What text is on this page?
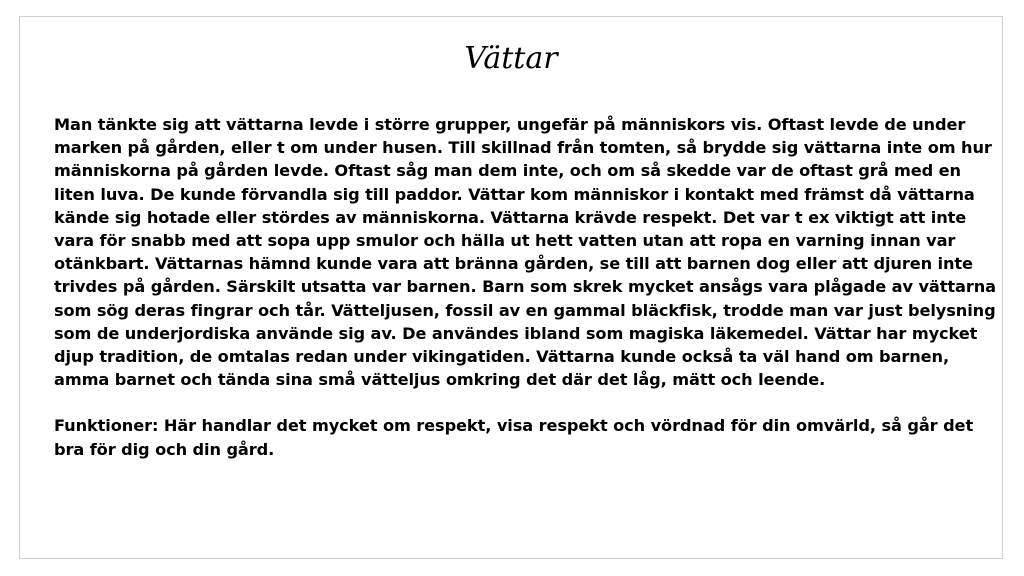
Vättar

Man tänkte sig att vättarna levde i större grupper, ungefär på människors vis. Oftast levde de under marken på gården, eller t om under husen. Till skillnad från tomten, så brydde sig vättarna inte om hur människorna på gården levde. Oftast såg man dem inte, och om så skedde var de oftast grå med en liten luva. De kunde förvandla sig till paddor. Vättar kom människor i kontakt med främst då vättarna kände sig hotade eller stördes av människorna. Vättarna krävde respekt. Det var t ex viktigt att inte vara för snabb med att sopa upp smulor och hälla ut hett vatten utan att ropa en varning innan var otänkbart. Vättarnas hämnd kunde vara att bränna gården, se till att barnen dog eller att djuren inte trivdes på gården. Särskilt utsatta var barnen. Barn som skrek mycket ansågs vara plågade av vättarna som sög deras fingrar och tår. Vätteljusen, fossil av en gammal bläckfisk, trodde man var just belysning som de underjordiska använde sig av. De användes ibland som magiska läkemedel. Vättar har mycket djup tradition, de omtalas redan under vikingatiden. Vättarna kunde också ta väl hand om barnen, amma barnet och tända sina små vätteljus omkring det där det låg, mätt och leende.

Funktioner: Här handlar det mycket om respekt, visa respekt och vördnad för din omvärld, så går det bra för dig och din gård.
